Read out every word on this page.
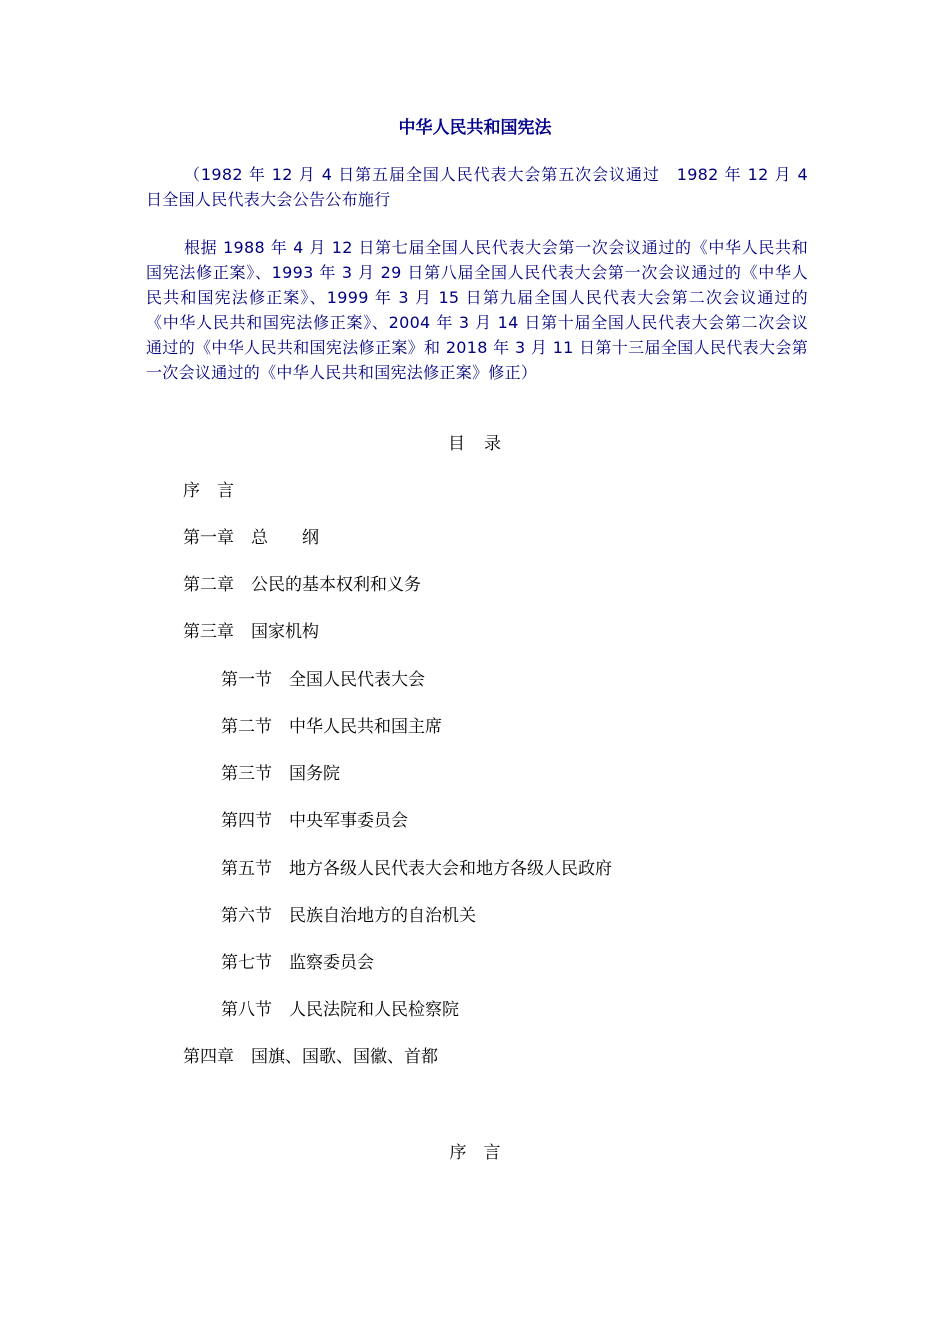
中华人民共和国宪法

（1982 年 12 月 4 日第五届全国人民代表大会第五次会议通过　1982 年 12 月 4 日全国人民代表大会公告公布施行

根据 1988 年 4 月 12 日第七届全国人民代表大会第一次会议通过的《中华人民共和国宪法修正案》、1993 年 3 月 29 日第八届全国人民代表大会第一次会议通过的《中华人民共和国宪法修正案》、1999 年 3 月 15 日第九届全国人民代表大会第二次会议通过的《中华人民共和国宪法修正案》、2004 年 3 月 14 日第十届全国人民代表大会第二次会议通过的《中华人民共和国宪法修正案》和 2018 年 3 月 11 日第十三届全国人民代表大会第一次会议通过的《中华人民共和国宪法修正案》修正）

目　录
序　言
第一章　总　　纲
第二章　公民的基本权利和义务
第三章　国家机构
第一节　全国人民代表大会
第二节　中华人民共和国主席
第三节　国务院
第四节　中央军事委员会
第五节　地方各级人民代表大会和地方各级人民政府
第六节　民族自治地方的自治机关
第七节　监察委员会
第八节　人民法院和人民检察院
第四章　国旗、国歌、国徽、首都
序　言
